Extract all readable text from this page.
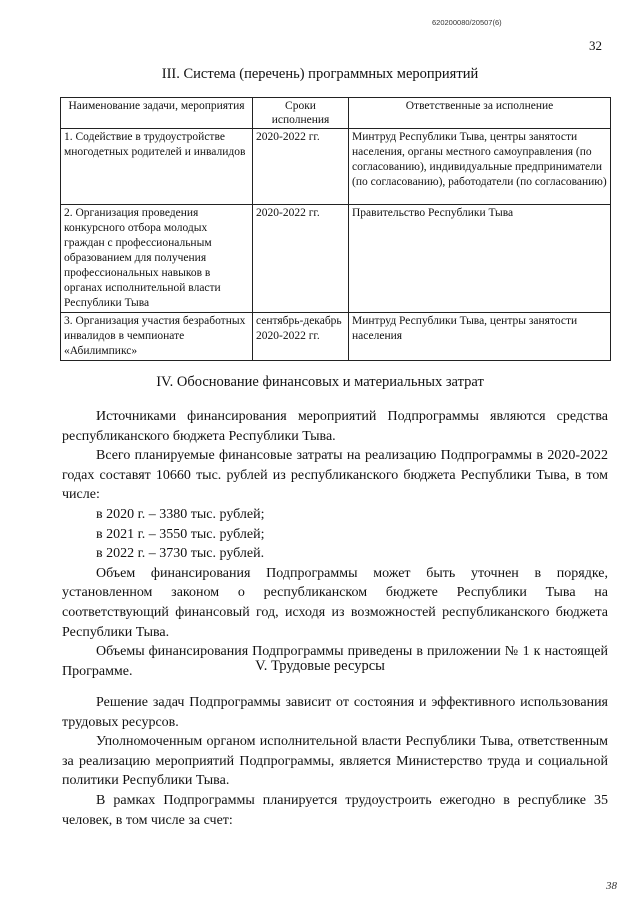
620200080/20507(6)
32
III. Система (перечень) программных мероприятий
Наименование задачи, мероприятия	Сроки исполнения	Ответственные за исполнение
1. Содействие в трудоустройстве многодетных родителей и инвалидов	2020-2022 гг.	Минтруд Республики Тыва, центры занятости населения, органы местного самоуправления (по согласованию), индивидуальные предприниматели (по согласованию), работодатели (по согласованию)
2. Организация проведения конкурсного отбора молодых граждан с профессиональным образованием для получения профессиональных навыков в органах исполнительной власти Республики Тыва	2020-2022 гг.	Правительство Республики Тыва
3. Организация участия безработных инвалидов в чемпионате «Абилимпикс»	сентябрь-декабрь 2020-2022 гг.	Минтруд Республики Тыва, центры занятости населения
IV. Обоснование финансовых и материальных затрат

Источниками финансирования мероприятий Подпрограммы являются средства республиканского бюджета Республики Тыва.

Всего планируемые финансовые затраты на реализацию Подпрограммы в 2020-2022 годах составят 10660 тыс. рублей из республиканского бюджета Республики Тыва, в том числе:

в 2020 г. – 3380 тыс. рублей;

в 2021 г. – 3550 тыс. рублей;

в 2022 г. – 3730 тыс. рублей.

Объем финансирования Подпрограммы может быть уточнен в порядке, установленном законом о республиканском бюджете Республики Тыва на соответствующий финансовый год, исходя из возможностей республиканского бюджета Республики Тыва.

Объемы финансирования Подпрограммы приведены в приложении № 1 к настоящей Программе.	V. Трудовые ресурсы

Решение задач Подпрограммы зависит от состояния и эффективного использования трудовых ресурсов.

Уполномоченным органом исполнительной власти Республики Тыва, ответственным за реализацию мероприятий Подпрограммы, является Министерство труда и социальной политики Республики Тыва.

В рамках Подпрограммы планируется трудоустроить ежегодно в республике 35 человек, в том числе за счет:

38
